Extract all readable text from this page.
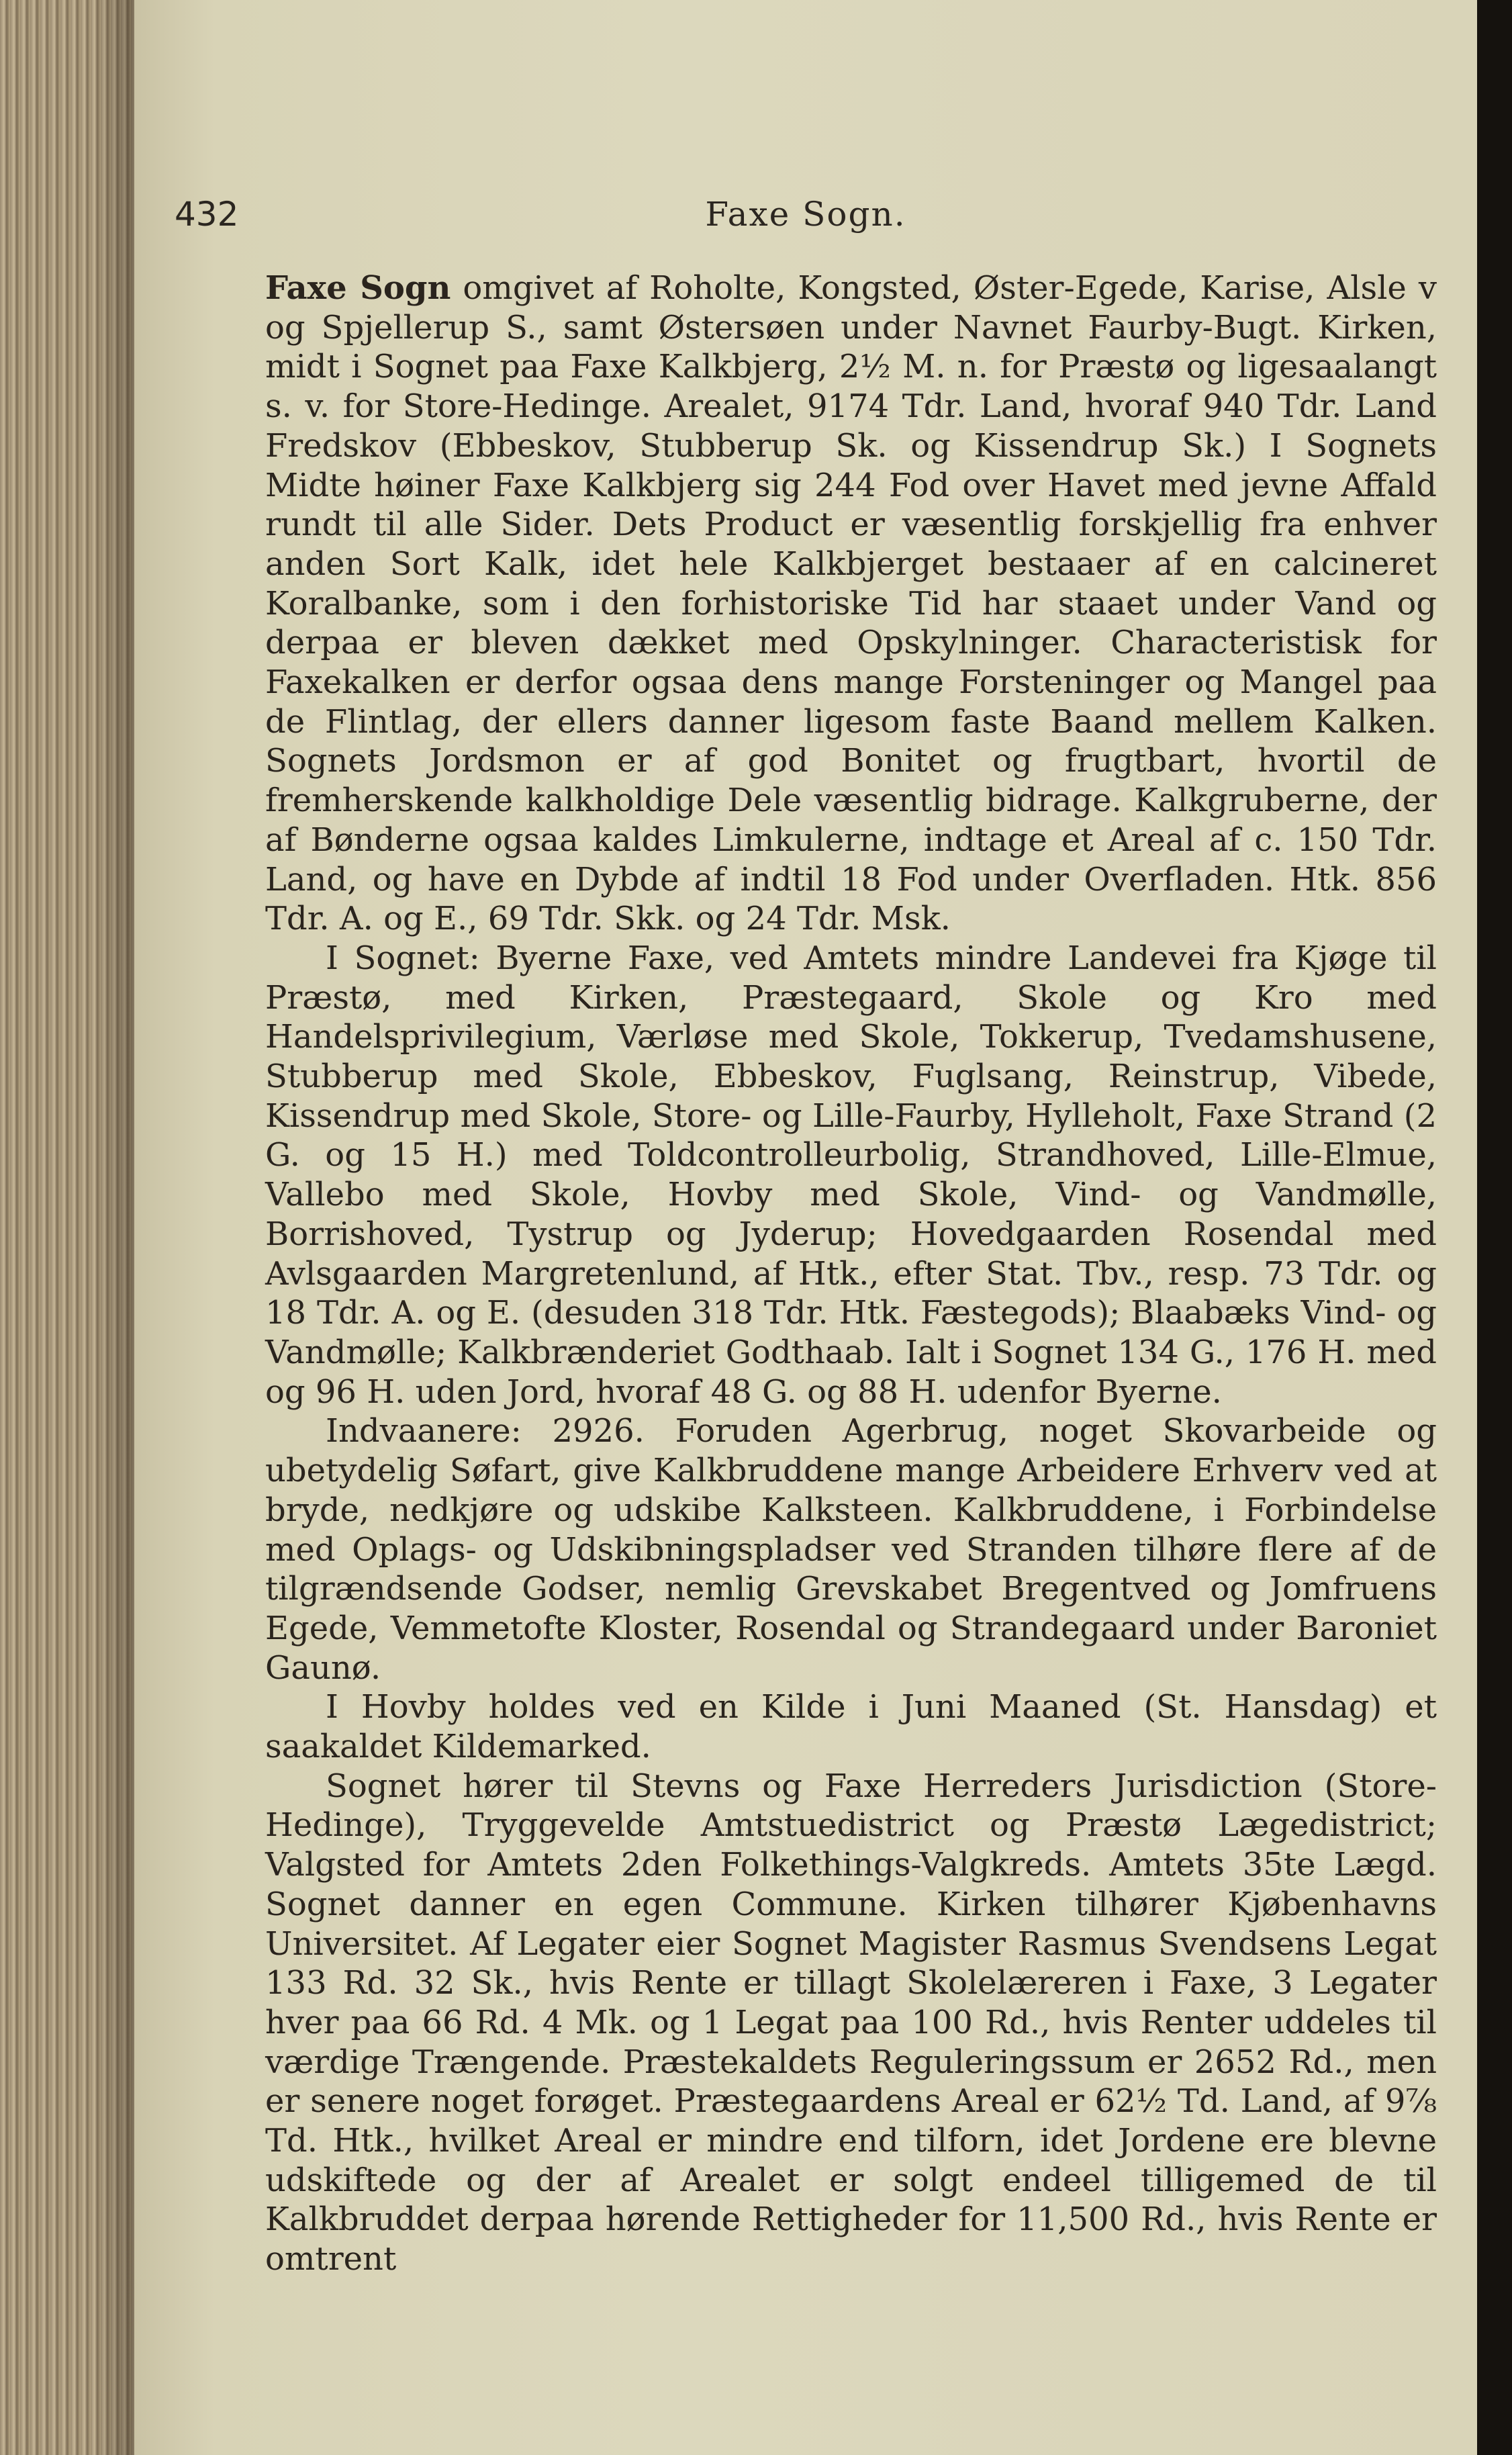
432	Faxe Sogn.

Faxe Sogn omgivet af Roholte, Kongsted, Øster-Egede, Karise, Alsle v og Spjellerup S., samt Østersøen under Navnet Faurby-Bugt. Kirken, midt i Sognet paa Faxe Kalkbjerg, 2½ M. n. for Præstø og ligesaalangt s. v. for Store-Hedinge. Arealet, 9174 Tdr. Land, hvoraf 940 Tdr. Land Fredskov (Ebbeskov, Stubberup Sk. og Kissendrup Sk.) I Sognets Midte høiner Faxe Kalkbjerg sig 244 Fod over Havet med jevne Affald rundt til alle Sider. Dets Product er væsentlig forskjellig fra enhver anden Sort Kalk, idet hele Kalkbjerget bestaaer af en calcineret Koralbanke, som i den forhistoriske Tid har staaet under Vand og derpaa er bleven dækket med Opskylninger. Characteristisk for Faxekalken er derfor ogsaa dens mange Forsteninger og Mangel paa de Flintlag, der ellers danner ligesom faste Baand mellem Kalken. Sognets Jordsmon er af god Bonitet og frugtbart, hvortil de fremherskende kalkholdige Dele væsentlig bidrage. Kalkgruberne, der af Bønderne ogsaa kaldes Limkulerne, indtage et Areal af c. 150 Tdr. Land, og have en Dybde af indtil 18 Fod under Overfladen. Htk. 856 Tdr. A. og E., 69 Tdr. Skk. og 24 Tdr. Msk.

I Sognet: Byerne Faxe, ved Amtets mindre Landevei fra Kjøge til Præstø, med Kirken, Præstegaard, Skole og Kro med Handelsprivilegium, Værløse med Skole, Tokkerup, Tvedamshusene, Stubberup med Skole, Ebbeskov, Fuglsang, Reinstrup, Vibede, Kissendrup med Skole, Store- og Lille-Faurby, Hylleholt, Faxe Strand (2 G. og 15 H.) med Toldcontrolleurbolig, Strandhoved, Lille-Elmue, Vallebo med Skole, Hovby med Skole, Vind- og Vandmølle, Borrishoved, Tystrup og Jyderup; Hovedgaarden Rosendal med Avlsgaarden Margretenlund, af Htk., efter Stat. Tbv., resp. 73 Tdr. og 18 Tdr. A. og E. (desuden 318 Tdr. Htk. Fæstegods); Blaabæks Vind- og Vandmølle; Kalkbrænderiet Godthaab. Ialt i Sognet 134 G., 176 H. med og 96 H. uden Jord, hvoraf 48 G. og 88 H. udenfor Byerne.

Indvaanere: 2926. Foruden Agerbrug, noget Skovarbeide og ubetydelig Søfart, give Kalkbruddene mange Arbeidere Erhverv ved at bryde, nedkjøre og udskibe Kalksteen. Kalkbruddene, i Forbindelse med Oplags- og Udskibningspladser ved Stranden tilhøre flere af de tilgrændsende Godser, nemlig Grevskabet Bregentved og Jomfruens Egede, Vemmetofte Kloster, Rosendal og Strandegaard under Baroniet Gaunø.

I Hovby holdes ved en Kilde i Juni Maaned (St. Hansdag) et saakaldet Kildemarked.

Sognet hører til Stevns og Faxe Herreders Jurisdiction (Store-Hedinge), Tryggevelde Amtstuedistrict og Præstø Lægedistrict; Valgsted for Amtets 2den Folkethings-Valgkreds. Amtets 35te Lægd. Sognet danner en egen Commune. Kirken tilhører Kjøbenhavns Universitet. Af Legater eier Sognet Magister Rasmus Svendsens Legat 133 Rd. 32 Sk., hvis Rente er tillagt Skolelæreren i Faxe, 3 Legater hver paa 66 Rd. 4 Mk. og 1 Legat paa 100 Rd., hvis Renter uddeles til værdige Trængende. Præstekaldets Reguleringssum er 2652 Rd., men er senere noget forøget. Præstegaardens Areal er 62½ Td. Land, af 9⅞ Td. Htk., hvilket Areal er mindre end tilforn, idet Jordene ere blevne udskiftede og der af Arealet er solgt endeel tilligemed de til Kalkbruddet derpaa hørende Rettigheder for 11,500 Rd., hvis Rente er omtrent
